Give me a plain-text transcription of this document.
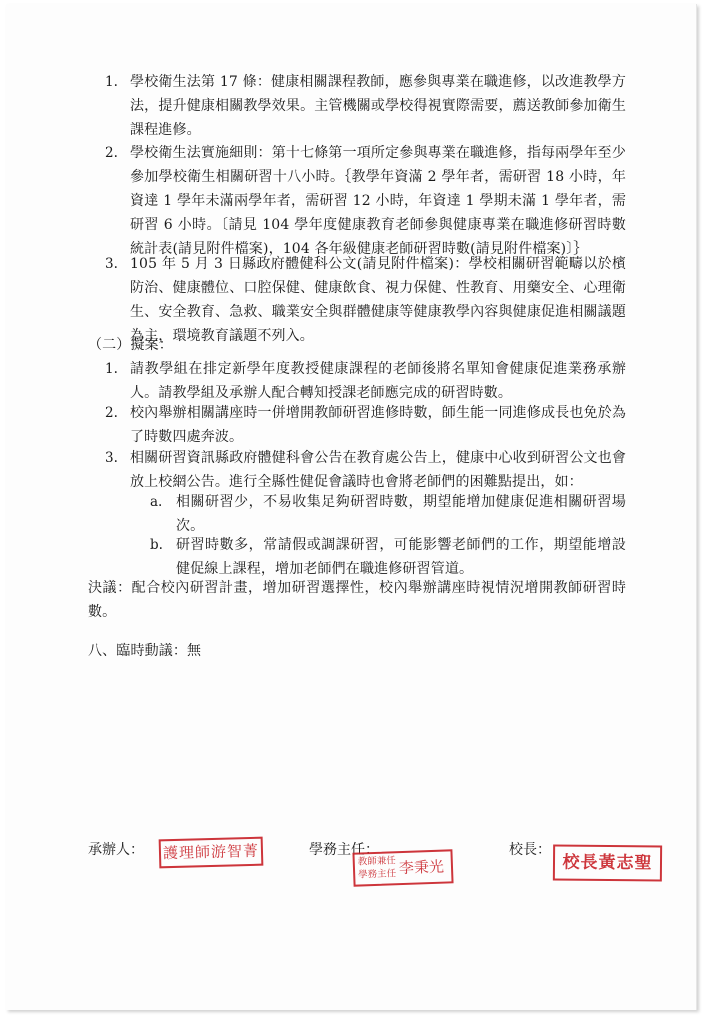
1. 學校衛生法第 17 條：健康相關課程教師，應參與專業在職進修，以改進教學方法，提升健康相關教學效果。主管機關或學校得視實際需要，薦送教師參加衛生課程進修。
2. 學校衛生法實施細則：第十七條第一項所定參與專業在職進修，指每兩學年至少參加學校衛生相關研習十八小時。｛教學年資滿 2 學年者，需研習 18 小時，年資達 1 學年未滿兩學年者，需研習 12 小時，年資達 1 學期未滿 1 學年者，需研習 6 小時。〔請見 104 學年度健康教育老師參與健康專業在職進修研習時數統計表(請見附件檔案)，104 各年級健康老師研習時數(請見附件檔案)〕｝
3. 105 年 5 月 3 日縣政府體健科公文(請見附件檔案)：學校相關研習範疇以於檳防治、健康體位、口腔保健、健康飲食、視力保健、性教育、用藥安全、心理衛生、安全教育、急救、職業安全與群體健康等健康教學內容與健康促進相關議題為主，環境教育議題不列入。
（二）擬案：
1. 請教學組在排定新學年度教授健康課程的老師後將名單知會健康促進業務承辦人。請教學組及承辦人配合轉知授課老師應完成的研習時數。
2. 校內舉辦相關講座時一併增開教師研習進修時數，師生能一同進修成長也免於為了時數四處奔波。
3. 相關研習資訊縣政府體健科會公告在教育處公告上，健康中心收到研習公文也會放上校網公告。進行全縣性健促會議時也會將老師們的困難點提出，如：
a. 相關研習少，不易收集足夠研習時數，期望能增加健康促進相關研習場次。
b. 研習時數多，常請假或調課研習，可能影響老師們的工作，期望能增設健促線上課程，增加老師們在職進修研習管道。
決議：配合校內研習計畫，增加研習選擇性，校內舉辦講座時視情況增開教師研習時數。
八、臨時動議：無
承辦人： 護理師游智菁	學務主任：
教師兼任
學務主任 李秉光
校長：
校長黃志聖
